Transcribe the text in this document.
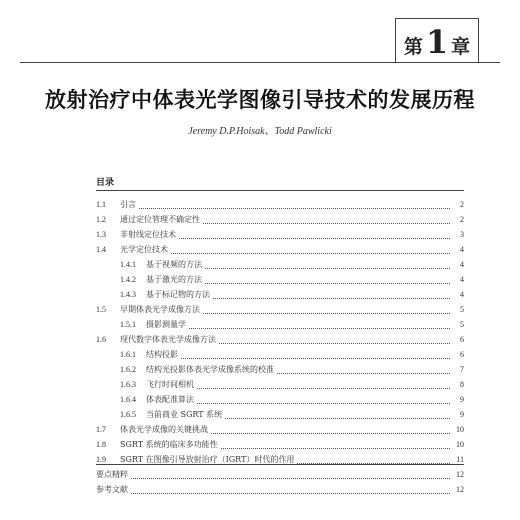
第 1 章
放射治疗中体表光学图像引导技术的发展历程
Jeremy D.P.Hoisak、Todd Pawlicki
目录
1.1	引言	2
1.2	通过定位管理不确定性	2
1.3	非射线定位技术	3
1.4	光学定位技术	4
1.4.1	基于视频的方法	4
1.4.2	基于激光的方法	4
1.4.3	基于标记物的方法	4
1.5	早期体表光学成像方法	5
1.5.1	摄影测量学	5
1.6	现代数字体表光学成像方法	6
1.6.1	结构投影	6
1.6.2	结构光投影体表光学成像系统的校准	7
1.6.3	飞行时间相机	8
1.6.4	体表配准算法	9
1.6.5	当前商业 SGRT 系统	9
1.7	体表光学成像的关键挑战	10
1.8	SGRT 系统的临床多功能性	10
1.9	SGRT 在图像引导放射治疗（IGRT）时代的作用	11
要点精粹	12
参考文献	12
